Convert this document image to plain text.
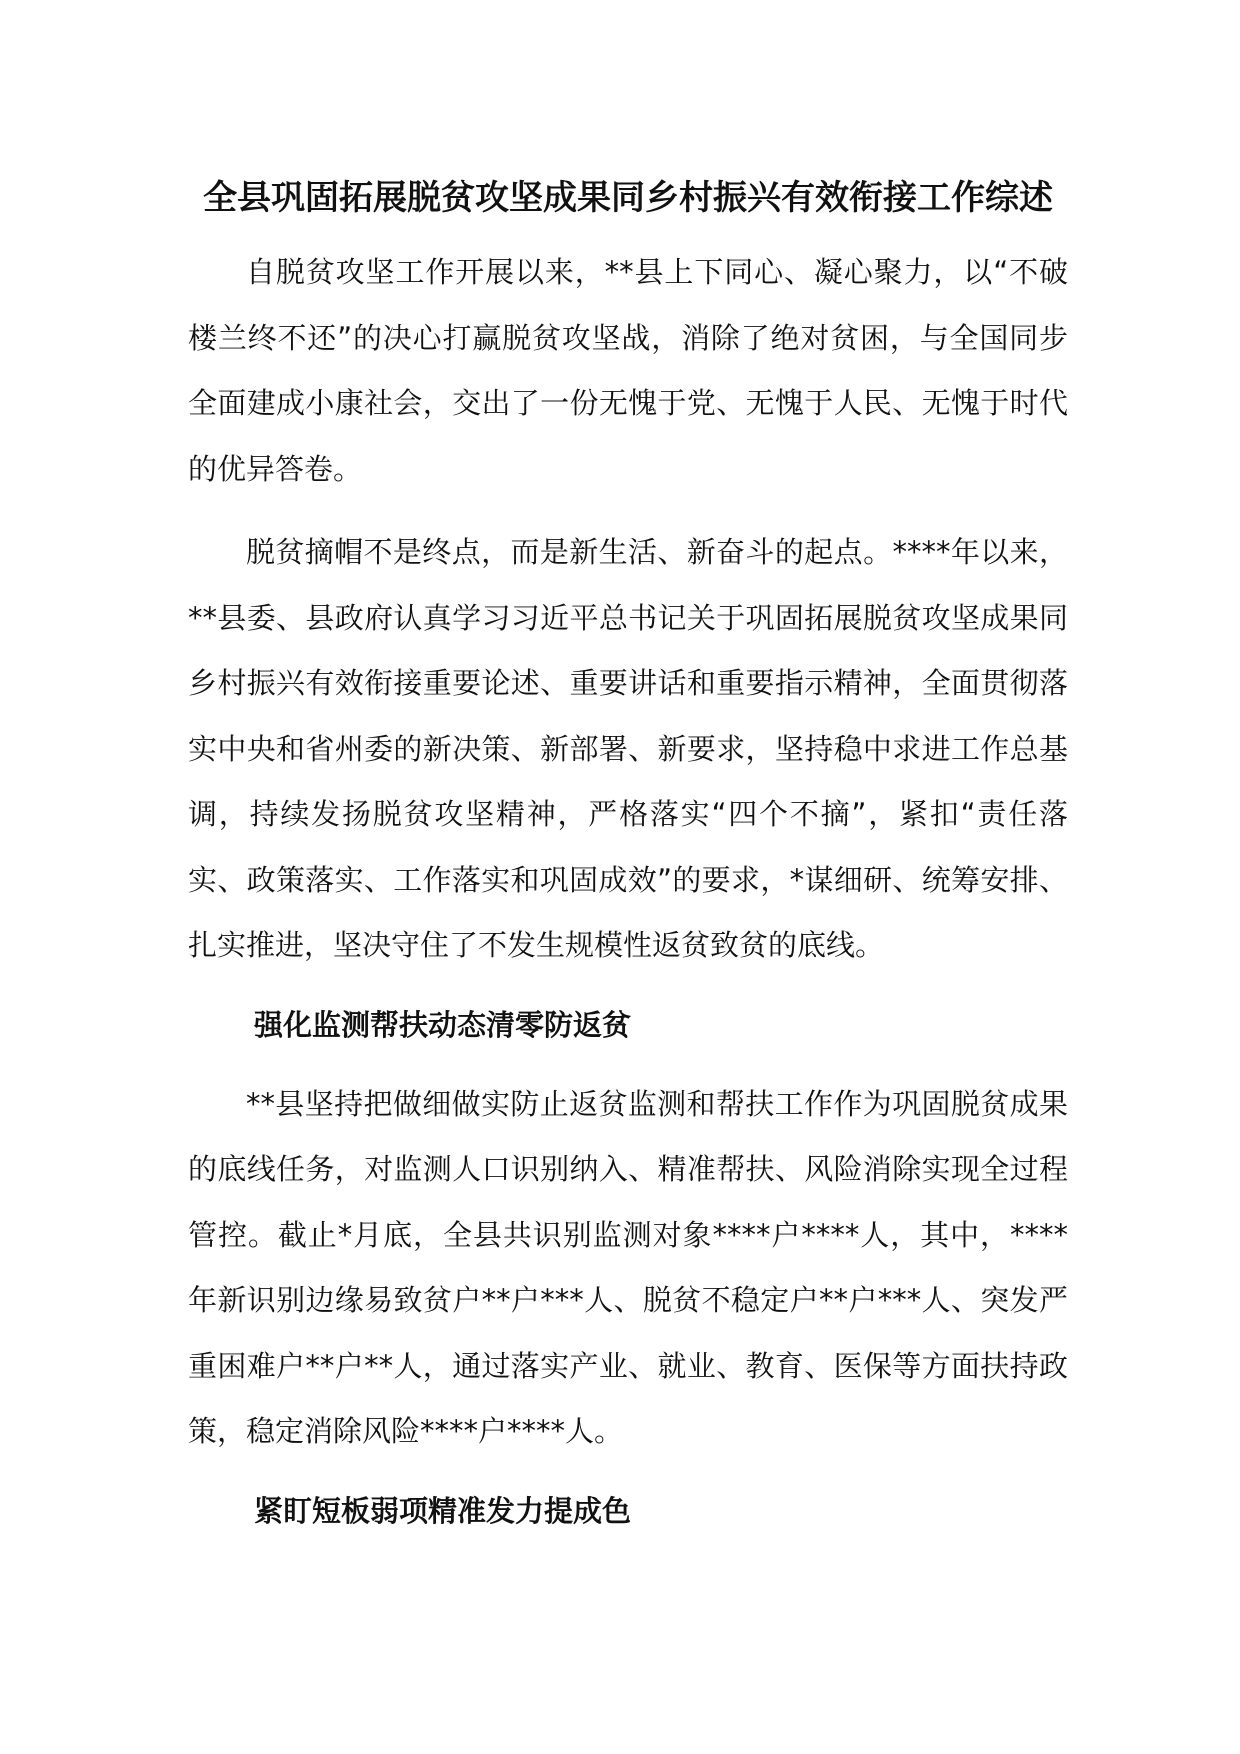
全县巩固拓展脱贫攻坚成果同乡村振兴有效衔接工作综述

自脱贫攻坚工作开展以来，**县上下同心、凝心聚力，以“不破楼兰终不还”的决心打赢脱贫攻坚战，消除了绝对贫困，与全国同步全面建成小康社会，交出了一份无愧于党、无愧于人民、无愧于时代的优异答卷。

脱贫摘帽不是终点，而是新生活、新奋斗的起点。****年以来，**县委、县政府认真学习习近平总书记关于巩固拓展脱贫攻坚成果同乡村振兴有效衔接重要论述、重要讲话和重要指示精神，全面贯彻落实中央和省州委的新决策、新部署、新要求，坚持稳中求进工作总基调，持续发扬脱贫攻坚精神，严格落实“四个不摘”，紧扣“责任落实、政策落实、工作落实和巩固成效”的要求，*谋细研、统筹安排、扎实推进，坚决守住了不发生规模性返贫致贫的底线。

强化监测帮扶动态清零防返贫

**县坚持把做细做实防止返贫监测和帮扶工作作为巩固脱贫成果的底线任务，对监测人口识别纳入、精准帮扶、风险消除实现全过程管控。截止*月底，全县共识别监测对象****户****人，其中，****年新识别边缘易致贫户**户***人、脱贫不稳定户**户***人、突发严重困难户**户**人，通过落实产业、就业、教育、医保等方面扶持政策，稳定消除风险****户****人。

紧盯短板弱项精准发力提成色
